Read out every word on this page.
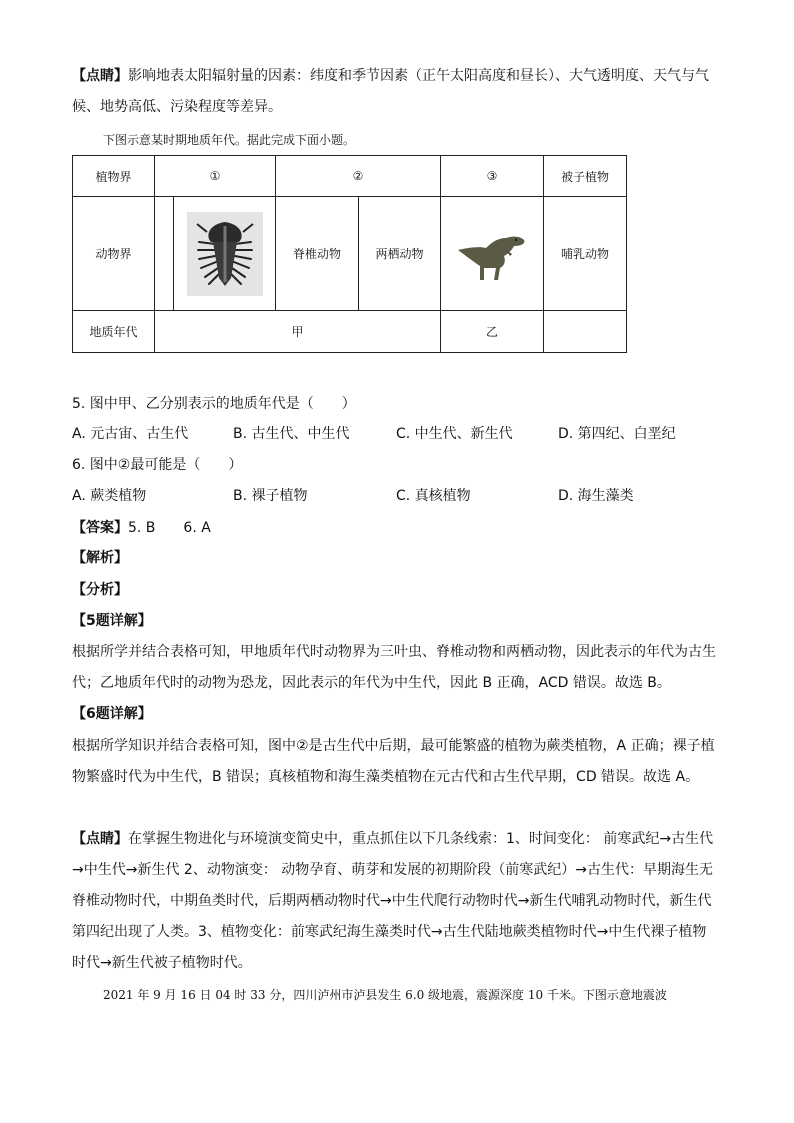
【点睛】影响地表太阳辐射量的因素：纬度和季节因素（正午太阳高度和昼长）、大气透明度、天气与气
候、地势高低、污染程度等差异。
下图示意某时期地质年代。据此完成下面小题。
植物界	①		②		③	被子植物
动物界			脊椎动物	两栖动物		哺乳动物
地质年代	甲				乙	
5. 图中甲、乙分别表示的地质年代是（　　）
A. 元古宙、古生代	B. 古生代、中生代	C. 中生代、新生代	D. 第四纪、白垩纪
6. 图中②最可能是（　　）
A. 蕨类植物	B. 裸子植物	C. 真核植物	D. 海生藻类
【答案】5. B　　6. A
【解析】
【分析】
【5题详解】
根据所学并结合表格可知，甲地质年代时动物界为三叶虫、脊椎动物和两栖动物，因此表示的年代为古生
代；乙地质年代时的动物为恐龙，因此表示的年代为中生代，因此 B 正确，ACD 错误。故选 B。
【6题详解】
根据所学知识并结合表格可知，图中②是古生代中后期，最可能繁盛的植物为蕨类植物，A 正确；裸子植
物繁盛时代为中生代，B 错误；真核植物和海生藻类植物在元古代和古生代早期，CD 错误。故选 A。
【点睛】在掌握生物进化与环境演变简史中，重点抓住以下几条线索：1、时间变化： 前寒武纪→古生代
→中生代→新生代 2、动物演变： 动物孕育、萌芽和发展的初期阶段（前寒武纪）→古生代：早期海生无
脊椎动物时代，中期鱼类时代，后期两栖动物时代→中生代爬行动物时代→新生代哺乳动物时代，新生代
第四纪出现了人类。3、植物变化：前寒武纪海生藻类时代→古生代陆地蕨类植物时代→中生代裸子植物
时代→新生代被子植物时代。
2021 年 9 月 16 日 04 时 33 分，四川泸州市泸县发生 6.0 级地震，震源深度 10 千米。下图示意地震波
